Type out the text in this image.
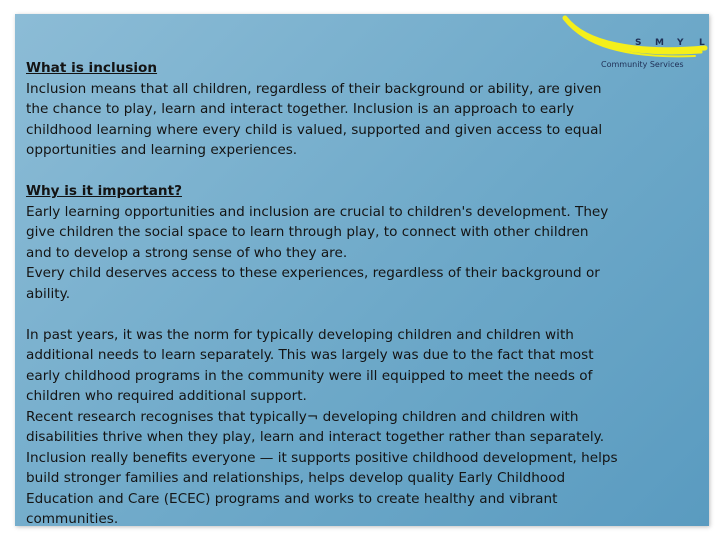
S M Y L
Community Services

What is inclusion
Inclusion means that all children, regardless of their background or ability, are given
the chance to play, learn and interact together. Inclusion is an approach to early
childhood learning where every child is valued, supported and given access to equal
opportunities and learning experiences.

Why is it important?
Early learning opportunities and inclusion are crucial to children's development. They
give children the social space to learn through play, to connect with other children
and to develop a strong sense of who they are.
Every child deserves access to these experiences, regardless of their background or
ability.

In past years, it was the norm for typically developing children and children with
additional needs to learn separately. This was largely was due to the fact that most
early childhood programs in the community were ill equipped to meet the needs of
children who required additional support.
Recent research recognises that typically¬ developing children and children with
disabilities thrive when they play, learn and interact together rather than separately.
Inclusion really benefits everyone — it supports positive childhood development, helps
build stronger families and relationships, helps develop quality Early Childhood
Education and Care (ECEC) programs and works to create healthy and vibrant
communities.
